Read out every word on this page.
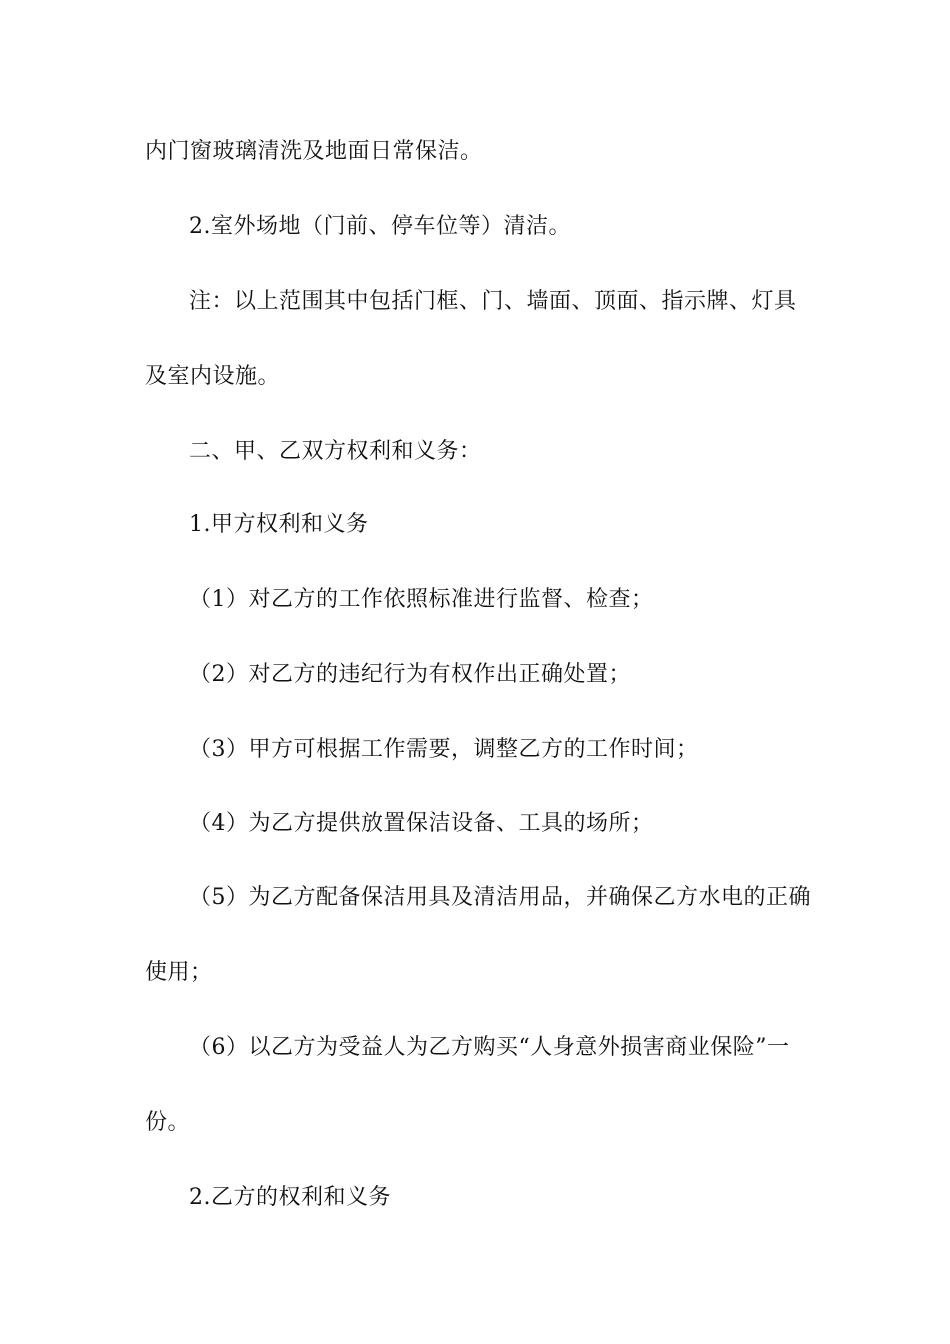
内门窗玻璃清洗及地面日常保洁。
2.室外场地（门前、停车位等）清洁。
注：以上范围其中包括门框、门、墙面、顶面、指示牌、灯具
及室内设施。
二、甲、乙双方权利和义务：
1.甲方权利和义务
（1）对乙方的工作依照标准进行监督、检查；
（2）对乙方的违纪行为有权作出正确处置；
（3）甲方可根据工作需要，调整乙方的工作时间；
（4）为乙方提供放置保洁设备、工具的场所；
（5）为乙方配备保洁用具及清洁用品，并确保乙方水电的正确
使用；
（6）以乙方为受益人为乙方购买“人身意外损害商业保险”一
份。
2.乙方的权利和义务
